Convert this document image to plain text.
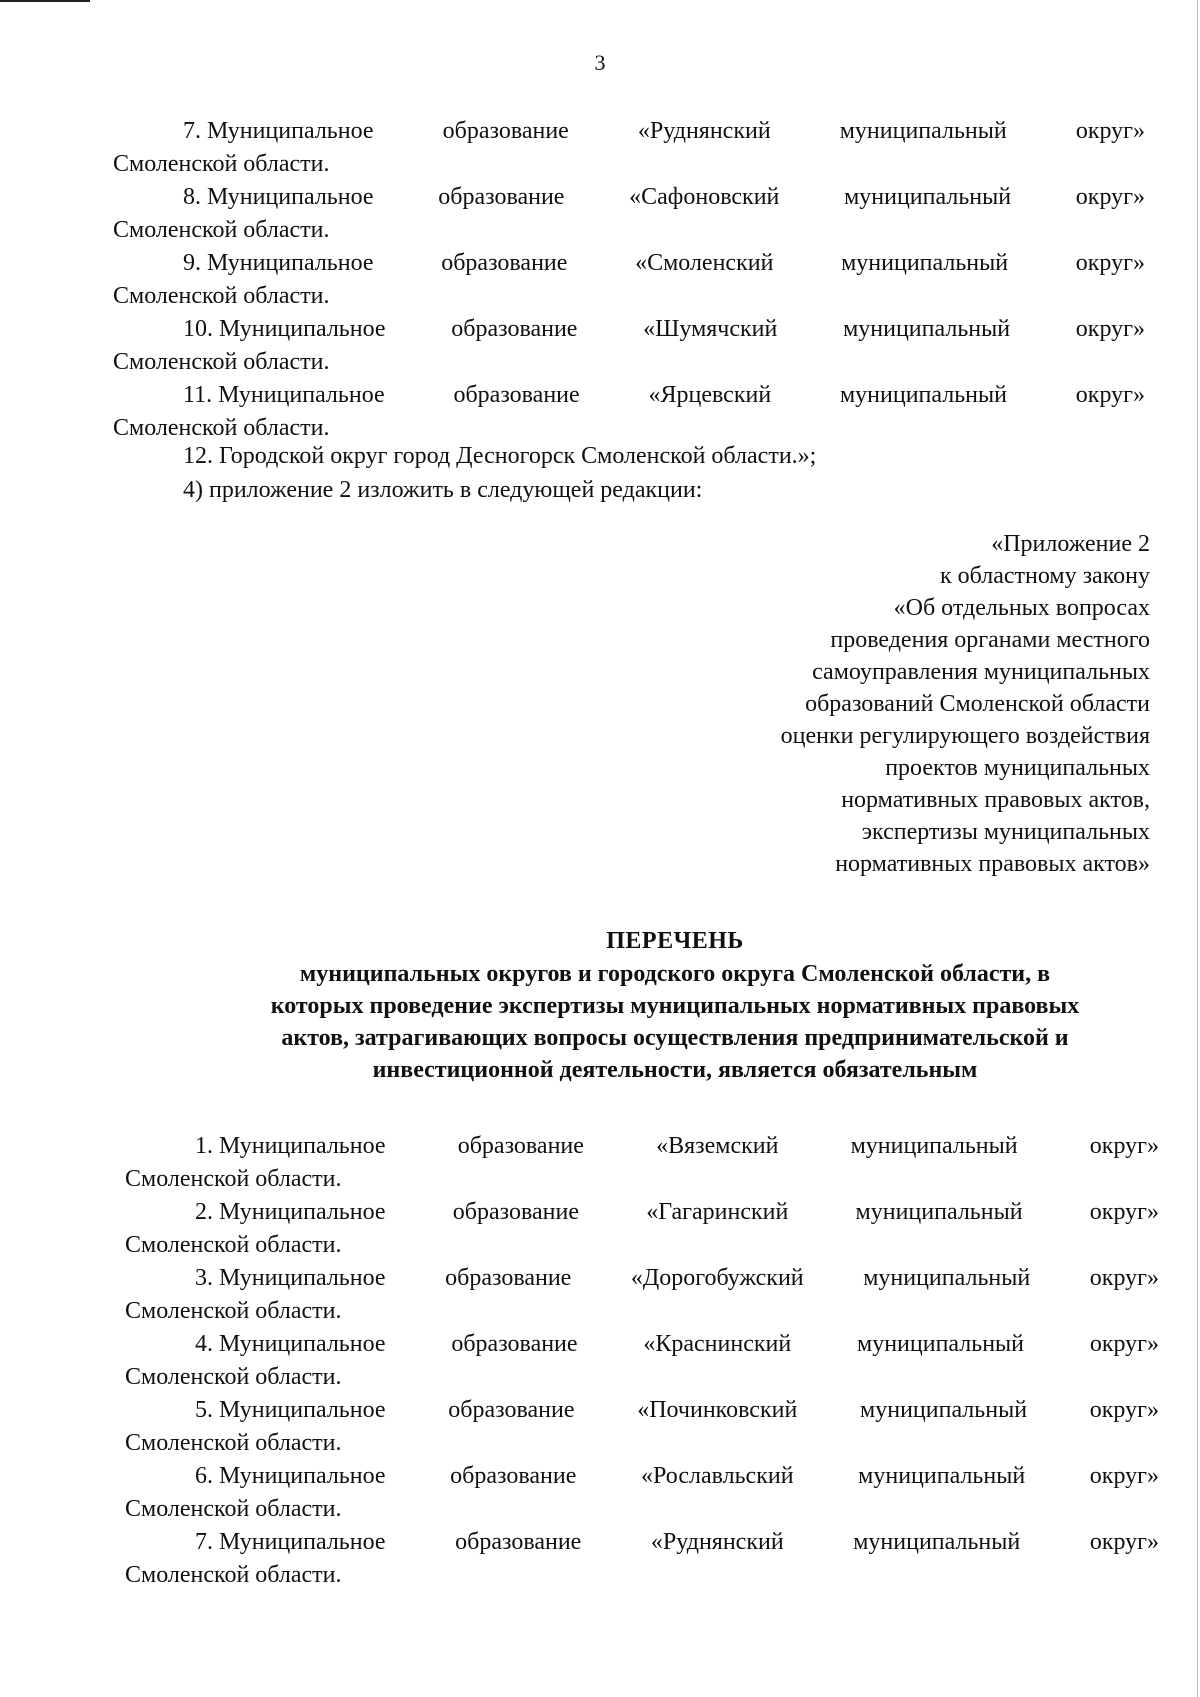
3
7. Муниципальное	образование	«Руднянский	муниципальный	округ»
Смоленской области.
8. Муниципальное	образование	«Сафоновский	муниципальный	округ»
Смоленской области.
9. Муниципальное	образование	«Смоленский	муниципальный	округ»
Смоленской области.
10. Муниципальное	образование	«Шумячский	муниципальный	округ»
Смоленской области.
11. Муниципальное	образование	«Ярцевский	муниципальный	округ»
Смоленской области.
12. Городской округ город Десногорск Смоленской области.»;
4) приложение 2 изложить в следующей редакции:
«Приложение 2
к областному закону
«Об отдельных вопросах
проведения органами местного
самоуправления муниципальных
образований Смоленской области
оценки регулирующего воздействия
проектов муниципальных
нормативных правовых актов,
экспертизы муниципальных
нормативных правовых актов»
ПЕРЕЧЕНЬ
муниципальных округов и городского округа Смоленской области, в
которых проведение экспертизы муниципальных нормативных правовых
актов, затрагивающих вопросы осуществления предпринимательской и
инвестиционной деятельности, является обязательным
1. Муниципальное	образование	«Вяземский	муниципальный	округ»
Смоленской области.
2. Муниципальное	образование	«Гагаринский	муниципальный	округ»
Смоленской области.
3. Муниципальное образование «Дорогобужский муниципальный округ»
Смоленской области.
4. Муниципальное	образование	«Краснинский	муниципальный	округ»
Смоленской области.
5. Муниципальное	образование	«Починковский	муниципальный	округ»
Смоленской области.
6. Муниципальное	образование	«Рославльский	муниципальный	округ»
Смоленской области.
7. Муниципальное	образование	«Руднянский	муниципальный	округ»
Смоленской области.
